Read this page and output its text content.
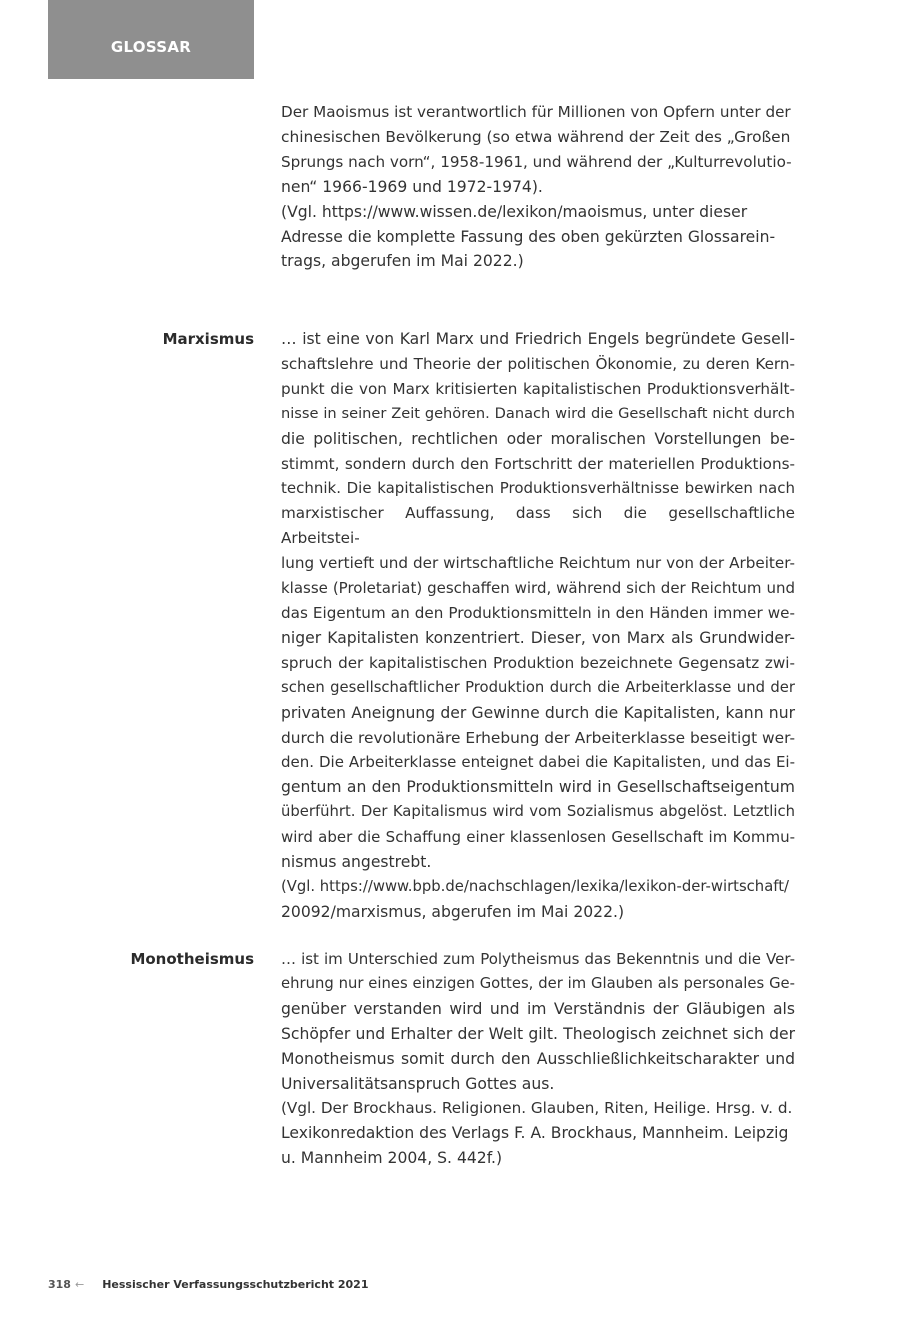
GLOSSAR
Der Maoismus ist verantwortlich für Millionen von Opfern unter der
chinesischen Bevölkerung (so etwa während der Zeit des „Großen
Sprungs nach vorn“, 1958-1961, und während der „Kulturrevolutio-
nen“ 1966-1969 und 1972-1974).
(Vgl. https://www.wissen.de/lexikon/maoismus, unter dieser
Adresse die komplette Fassung des oben gekürzten Glossarein-
trags, abgerufen im Mai 2022.)
Marxismus … ist eine von Karl Marx und Friedrich Engels begründete Gesell-
schaftslehre und Theorie der politischen Ökonomie, zu deren Kern-
punkt die von Marx kritisierten kapitalistischen Produktionsverhält-
nisse in seiner Zeit gehören. Danach wird die Gesellschaft nicht durch
die politischen, rechtlichen oder moralischen Vorstellungen be-
stimmt, sondern durch den Fortschritt der materiellen Produktions-
technik. Die kapitalistischen Produktionsverhältnisse bewirken nach
marxistischer Auffassung, dass sich die gesellschaftliche Arbeitstei-
lung vertieft und der wirtschaftliche Reichtum nur von der Arbeiter-
klasse (Proletariat) geschaffen wird, während sich der Reichtum und
das Eigentum an den Produktionsmitteln in den Händen immer we-
niger Kapitalisten konzentriert. Dieser, von Marx als Grundwider-
spruch der kapitalistischen Produktion bezeichnete Gegensatz zwi-
schen gesellschaftlicher Produktion durch die Arbeiterklasse und der
privaten Aneignung der Gewinne durch die Kapitalisten, kann nur
durch die revolutionäre Erhebung der Arbeiterklasse beseitigt wer-
den. Die Arbeiterklasse enteignet dabei die Kapitalisten, und das Ei-
gentum an den Produktionsmitteln wird in Gesellschaftseigentum
überführt. Der Kapitalismus wird vom Sozialismus abgelöst. Letztlich
wird aber die Schaffung einer klassenlosen Gesellschaft im Kommu-
nismus angestrebt.
(Vgl. https://www.bpb.de/nachschlagen/lexika/lexikon-der-wirtschaft/
20092/marxismus, abgerufen im Mai 2022.)
Monotheismus … ist im Unterschied zum Polytheismus das Bekenntnis und die Ver-
ehrung nur eines einzigen Gottes, der im Glauben als personales Ge-
genüber verstanden wird und im Verständnis der Gläubigen als
Schöpfer und Erhalter der Welt gilt. Theologisch zeichnet sich der
Monotheismus somit durch den Ausschließlichkeitscharakter und
Universalitätsanspruch Gottes aus.
(Vgl. Der Brockhaus. Religionen. Glauben, Riten, Heilige. Hrsg. v. d.
Lexikonredaktion des Verlags F. A. Brockhaus, Mannheim. Leipzig
u. Mannheim 2004, S. 442f.)
318 ← Hessischer Verfassungsschutzbericht 2021
